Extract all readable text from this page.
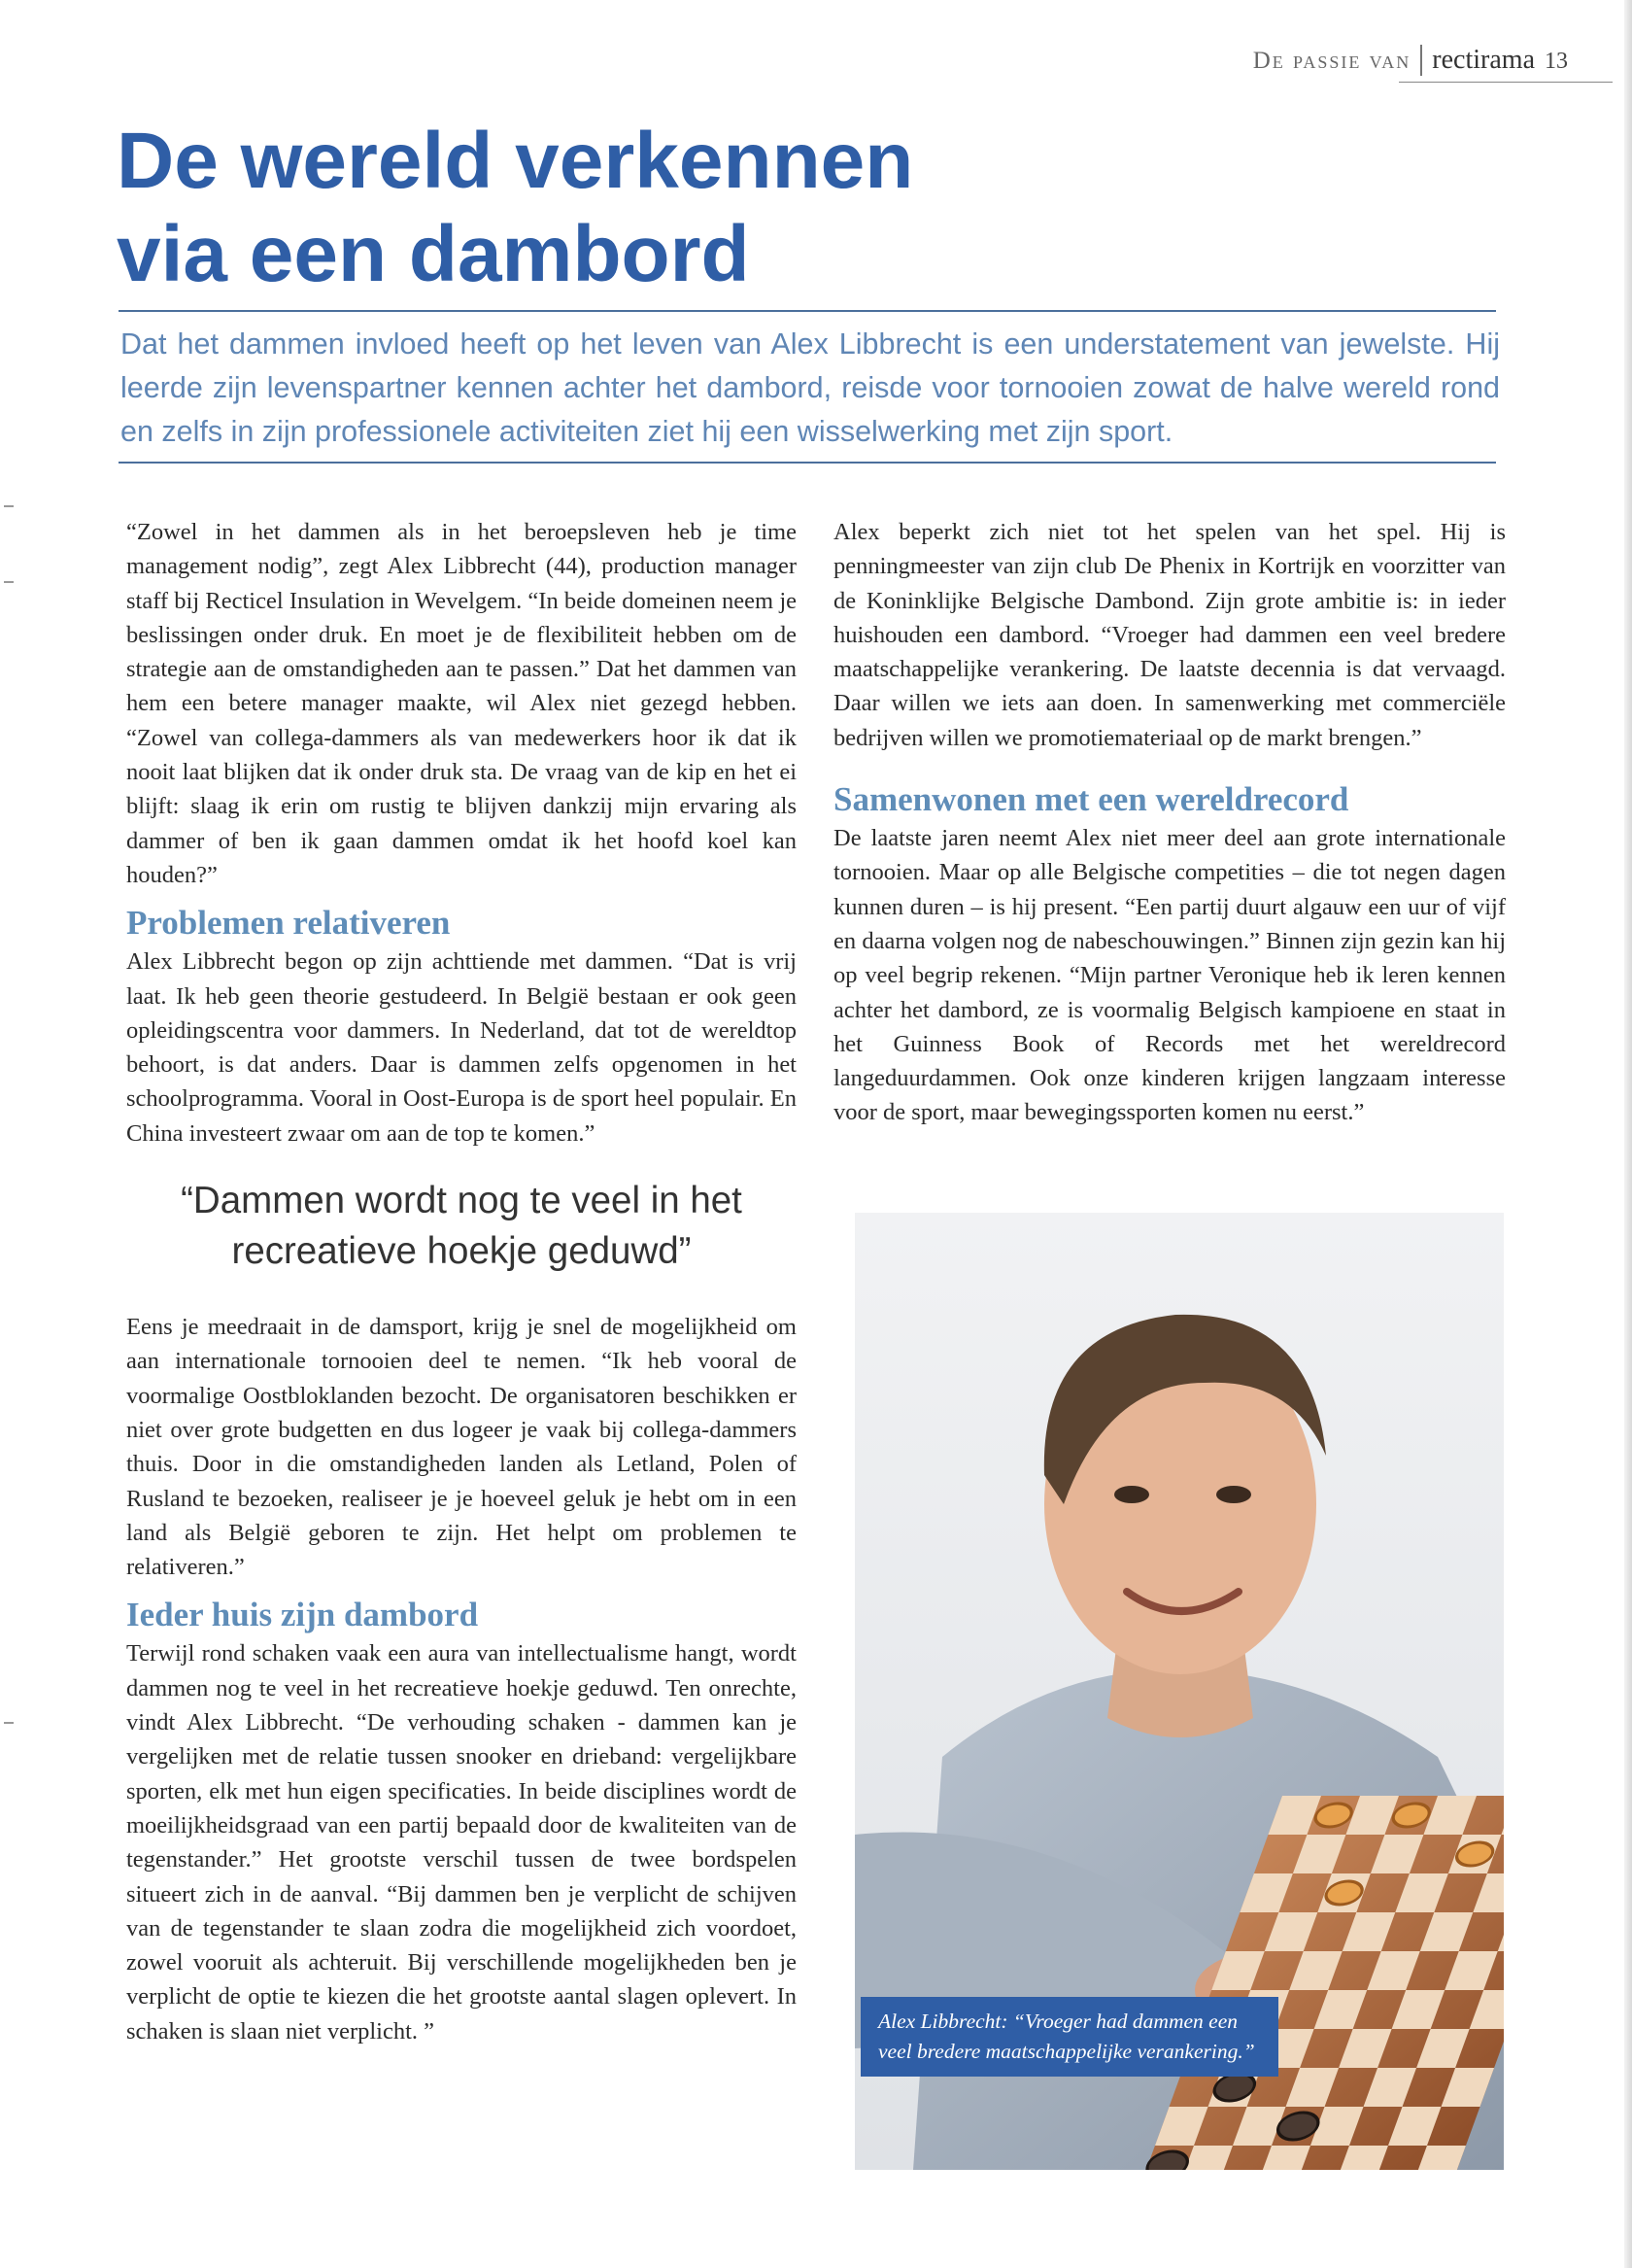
De passie van rectirama 13
De wereld verkennen
via een dambord

Dat het dammen invloed heeft op het leven van Alex Libbrecht is een understatement van jewelste. Hij leerde zijn levenspartner kennen achter het dambord, reisde voor tornooien zowat de halve wereld rond en zelfs in zijn professionele activiteiten ziet hij een wisselwerking met zijn sport.

“Zowel in het dammen als in het beroepsleven heb je time management nodig”, zegt Alex Libbrecht (44), production manager staff bij Recticel Insulation in Wevelgem. “In beide domeinen neem je beslissingen onder druk. En moet je de flexibiliteit hebben om de strategie aan de omstandigheden aan te passen.” Dat het dammen van hem een betere manager maakte, wil Alex niet gezegd hebben. “Zowel van collega-dammers als van medewerkers hoor ik dat ik nooit laat blijken dat ik onder druk sta. De vraag van de kip en het ei blijft: slaag ik erin om rustig te blijven dankzij mijn ervaring als dammer of ben ik gaan dammen omdat ik het hoofd koel kan houden?”

Problemen relativeren

Alex Libbrecht begon op zijn achttiende met dammen. “Dat is vrij laat. Ik heb geen theorie gestudeerd. In België bestaan er ook geen opleidingscentra voor dammers. In Nederland, dat tot de wereldtop behoort, is dat anders. Daar is dammen zelfs opgenomen in het schoolprogramma. Vooral in Oost-Europa is de sport heel populair. En China investeert zwaar om aan de top te komen.”

“Dammen wordt nog te veel in het recreatieve hoekje geduwd”

Eens je meedraait in de damsport, krijg je snel de mogelijkheid om aan internationale tornooien deel te nemen. “Ik heb vooral de voormalige Oostbloklanden bezocht. De organisatoren beschikken er niet over grote budgetten en dus logeer je vaak bij collega-dammers thuis. Door in die omstandigheden landen als Letland, Polen of Rusland te bezoeken, realiseer je je hoeveel geluk je hebt om in een land als België geboren te zijn. Het helpt om problemen te relativeren.”

Ieder huis zijn dambord

Terwijl rond schaken vaak een aura van intellectualisme hangt, wordt dammen nog te veel in het recreatieve hoekje geduwd. Ten onrechte, vindt Alex Libbrecht. “De verhouding schaken - dammen kan je vergelijken met de relatie tussen snooker en drieband: vergelijkbare sporten, elk met hun eigen specificaties. In beide disciplines wordt de moeilijkheidsgraad van een partij bepaald door de kwaliteiten van de tegenstander.” Het grootste verschil tussen de twee bordspelen situeert zich in de aanval. “Bij dammen ben je verplicht de schijven van de tegenstander te slaan zodra die mogelijkheid zich voordoet, zowel vooruit als achteruit. Bij verschillende mogelijkheden ben je verplicht de optie te kiezen die het grootste aantal slagen oplevert. In schaken is slaan niet verplicht. ”

Alex beperkt zich niet tot het spelen van het spel. Hij is penningmeester van zijn club De Phenix in Kortrijk en voorzitter van de Koninklijke Belgische Dambond. Zijn grote ambitie is: in ieder huishouden een dambord. “Vroeger had dammen een veel bredere maatschappelijke verankering. De laatste decennia is dat vervaagd. Daar willen we iets aan doen. In samenwerking met commerciële bedrijven willen we promotiemateriaal op de markt brengen.”

Samenwonen met een wereldrecord

De laatste jaren neemt Alex niet meer deel aan grote internationale tornooien. Maar op alle Belgische competities – die tot negen dagen kunnen duren – is hij present. “Een partij duurt algauw een uur of vijf en daarna volgen nog de nabeschouwingen.” Binnen zijn gezin kan hij op veel begrip rekenen. “Mijn partner Veronique heb ik leren kennen achter het dambord, ze is voormalig Belgisch kampioene en staat in het Guinness Book of Records met het wereldrecord langeduurdammen. Ook onze kinderen krijgen langzaam interesse voor de sport, maar bewegingssporten komen nu eerst.”

Alex Libbrecht: “Vroeger had dammen een veel bredere maatschappelijke verankering.”
